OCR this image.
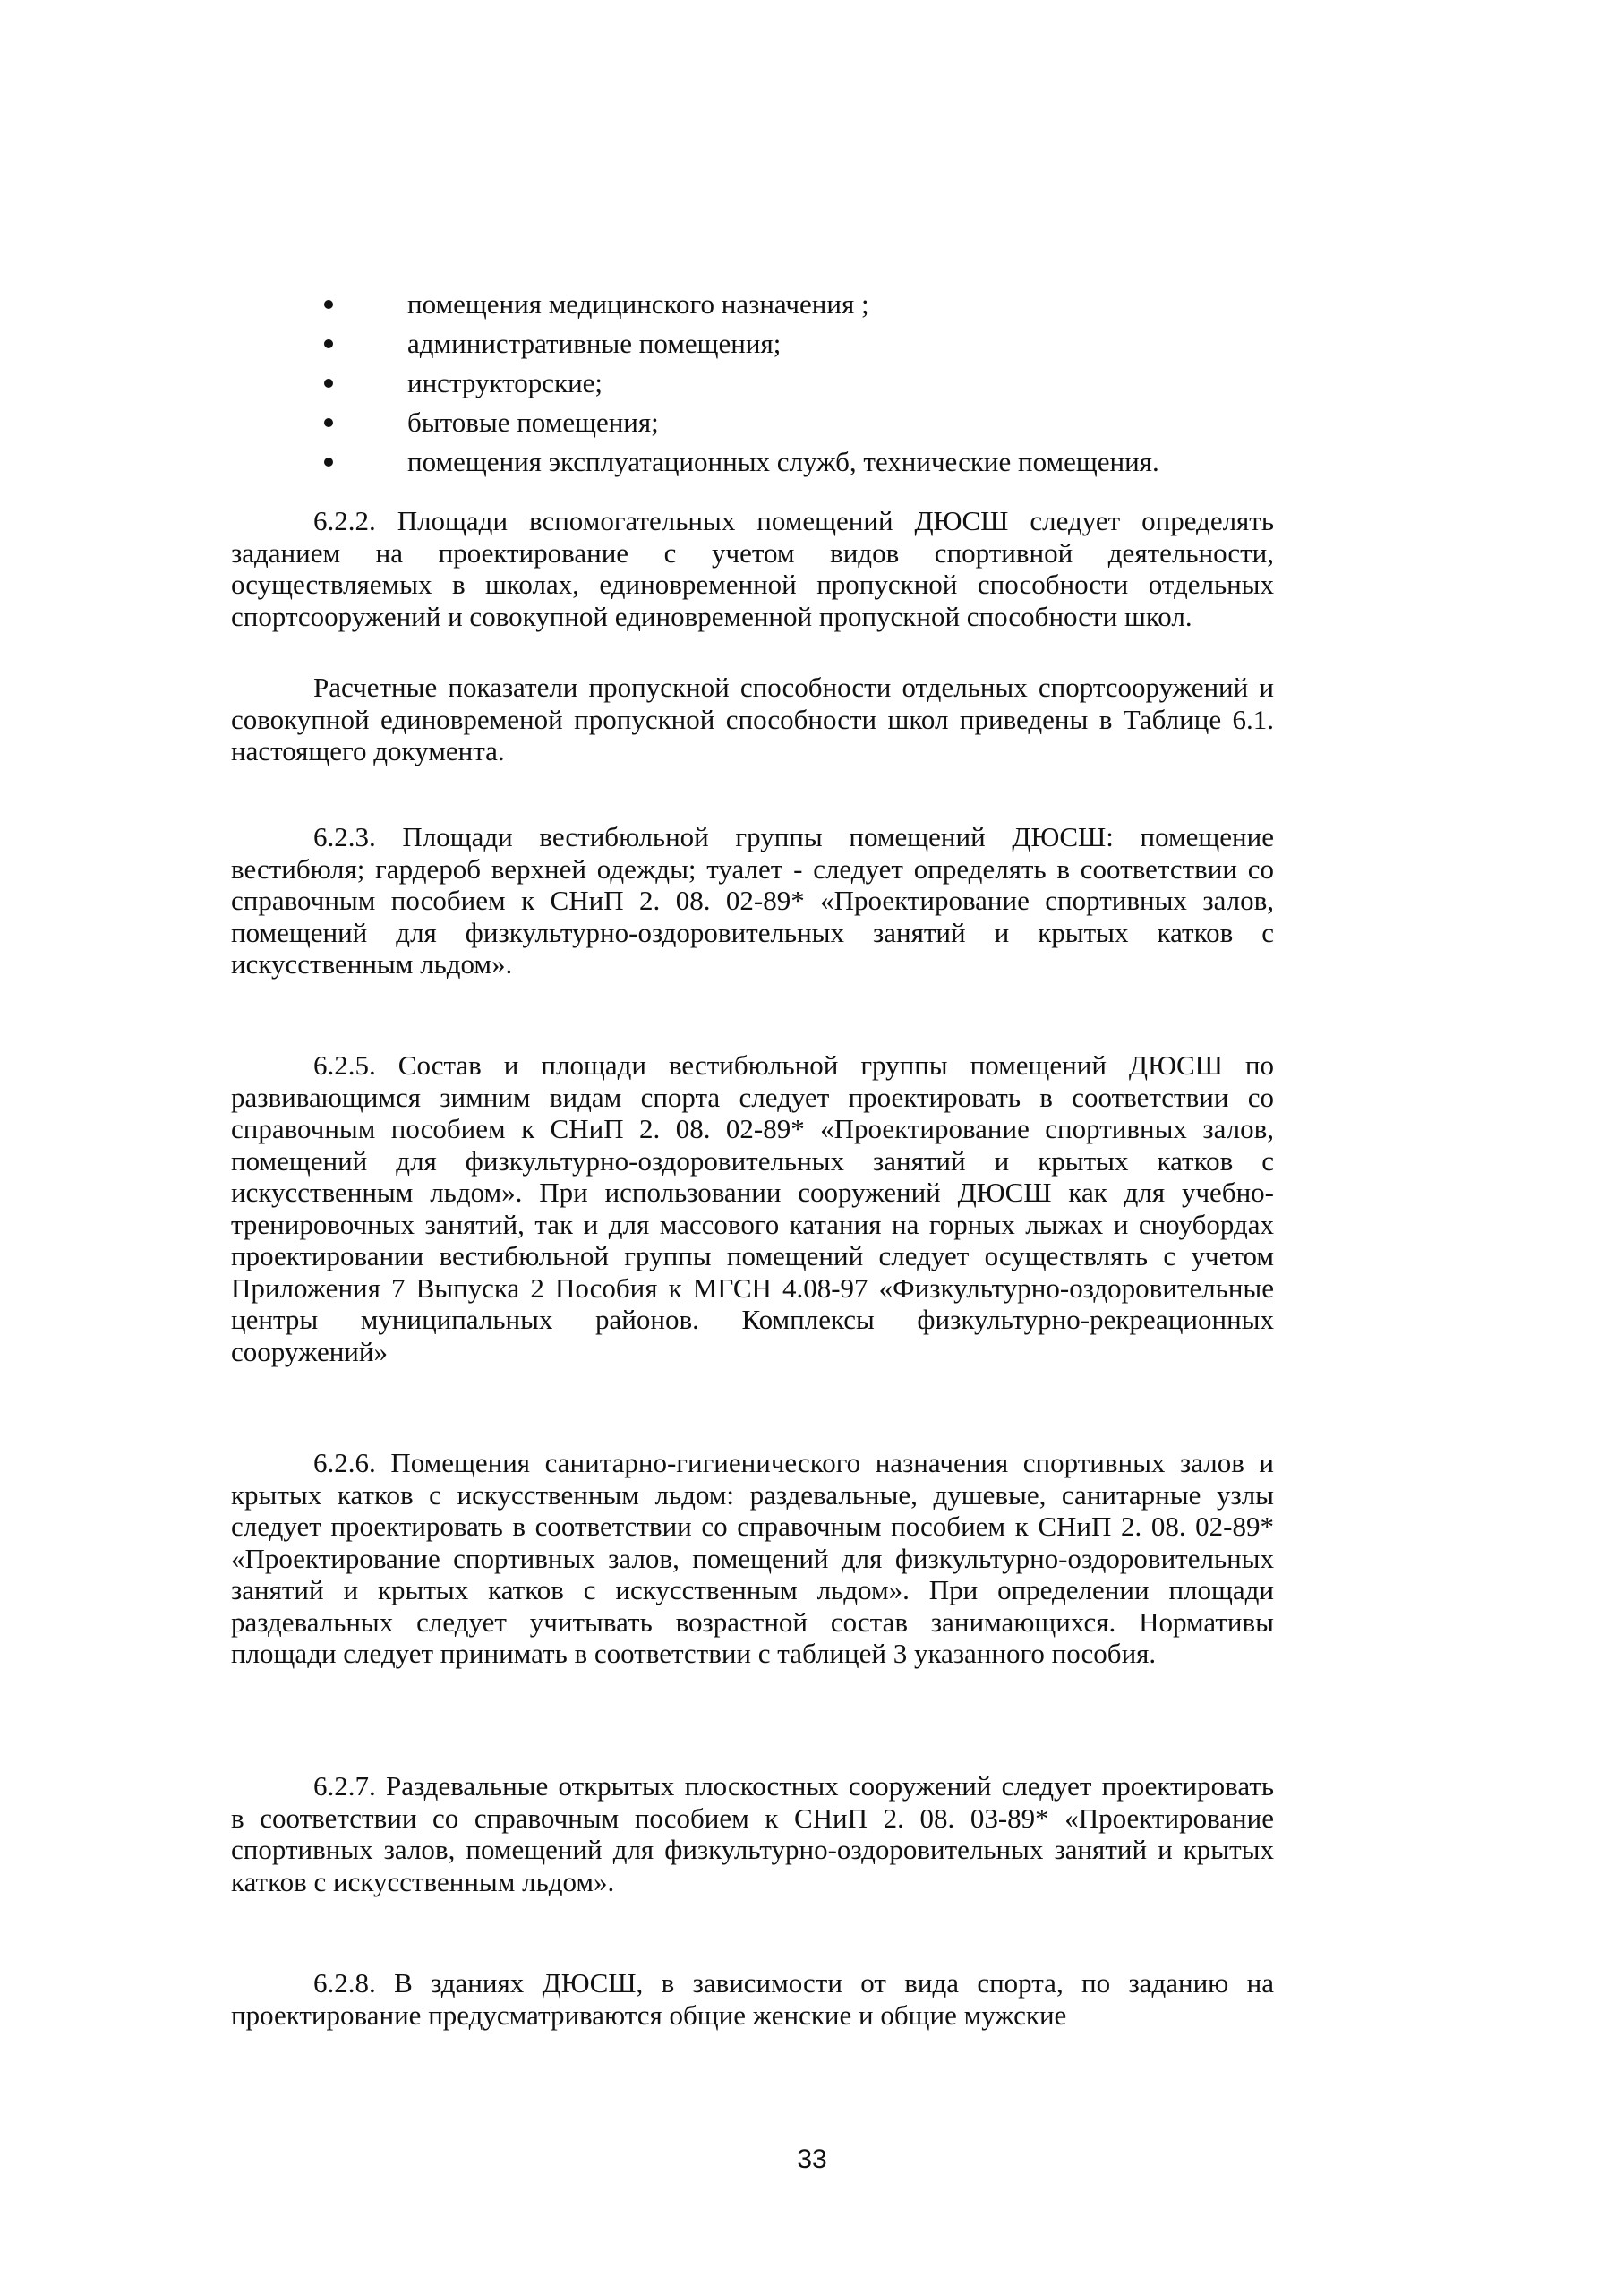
помещения медицинского назначения ;
административные помещения;
инструкторские;
бытовые помещения;
помещения эксплуатационных служб, технические помещения.

6.2.2. Площади вспомогательных помещений ДЮСШ следует определять заданием на проектирование с учетом видов спортивной деятельности, осуществляемых в школах, единовременной пропускной способности отдельных спортсооружений и совокупной единовременной пропускной способности школ.

Расчетные показатели пропускной способности отдельных спортсооружений и совокупной единовременой пропускной способности школ приведены в Таблице 6.1. настоящего документа.

6.2.3. Площади вестибюльной группы помещений ДЮСШ: помещение вестибюля; гардероб верхней одежды; туалет - следует определять в соответствии со справочным пособием к СНиП 2. 08. 02-89* «Проектирование спортивных залов, помещений для физкультурно-оздоровительных занятий и крытых катков с искусственным льдом».

6.2.5. Состав и площади вестибюльной группы помещений ДЮСШ по развивающимся зимним видам спорта следует проектировать в соответствии со справочным пособием к СНиП 2. 08. 02-89* «Проектирование спортивных залов, помещений для физкультурно-оздоровительных занятий и крытых катков с искусственным льдом». При использовании сооружений ДЮСШ как для учебно-тренировочных занятий, так и для массового катания на горных лыжах и сноубордах проектировании вестибюльной группы помещений следует осуществлять с учетом Приложения 7 Выпуска 2 Пособия к МГСН 4.08-97 «Физкультурно-оздоровительные центры муниципальных районов. Комплексы физкультурно-рекреационных сооружений»

6.2.6. Помещения санитарно-гигиенического назначения спортивных залов и крытых катков с искусственным льдом: раздевальные, душевые, санитарные узлы следует проектировать в соответствии со справочным пособием к СНиП 2. 08. 02-89* «Проектирование спортивных залов, помещений для физкультурно-оздоровительных занятий и крытых катков с искусственным льдом». При определении площади раздевальных следует учитывать возрастной состав занимающихся. Нормативы площади следует принимать в соответствии с таблицей 3 указанного пособия.

6.2.7. Раздевальные открытых плоскостных сооружений следует проектировать в соответствии со справочным пособием к СНиП 2. 08. 03-89* «Проектирование спортивных залов, помещений для физкультурно-оздоровительных занятий и крытых катков с искусственным льдом».

6.2.8. В зданиях ДЮСШ, в зависимости от вида спорта, по заданию на проектирование предусматриваются общие женские и общие мужские

33
